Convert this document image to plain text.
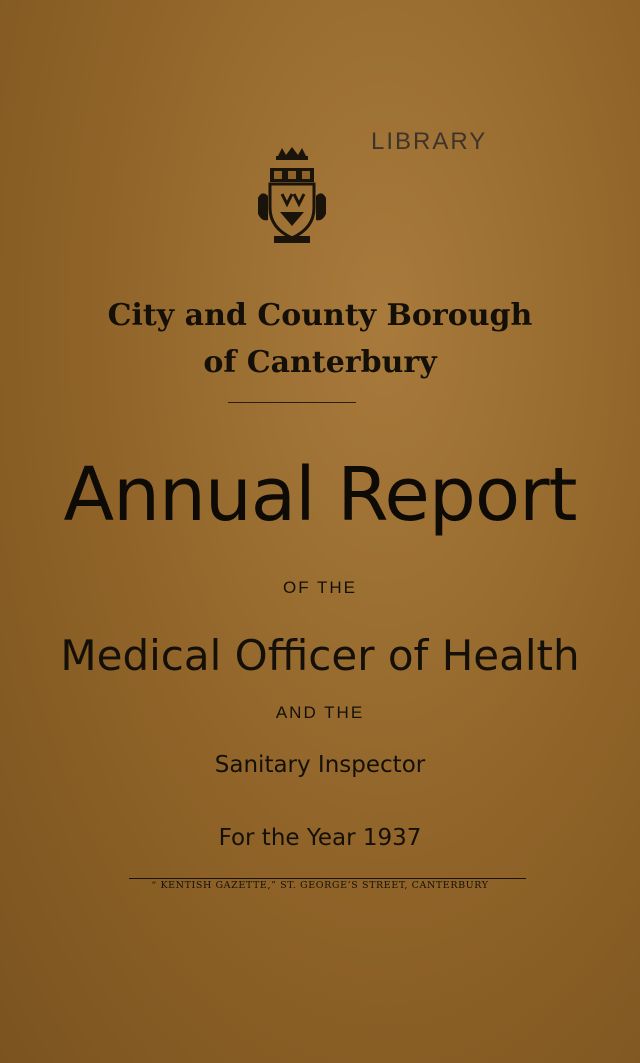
LIBRARY
City and County Borough
of Canterbury
Annual Report
OF THE
Medical Officer of Health
AND THE
Sanitary Inspector
For the Year 1937
“ KENTISH GAZETTE,” ST. GEORGE’S STREET, CANTERBURY
